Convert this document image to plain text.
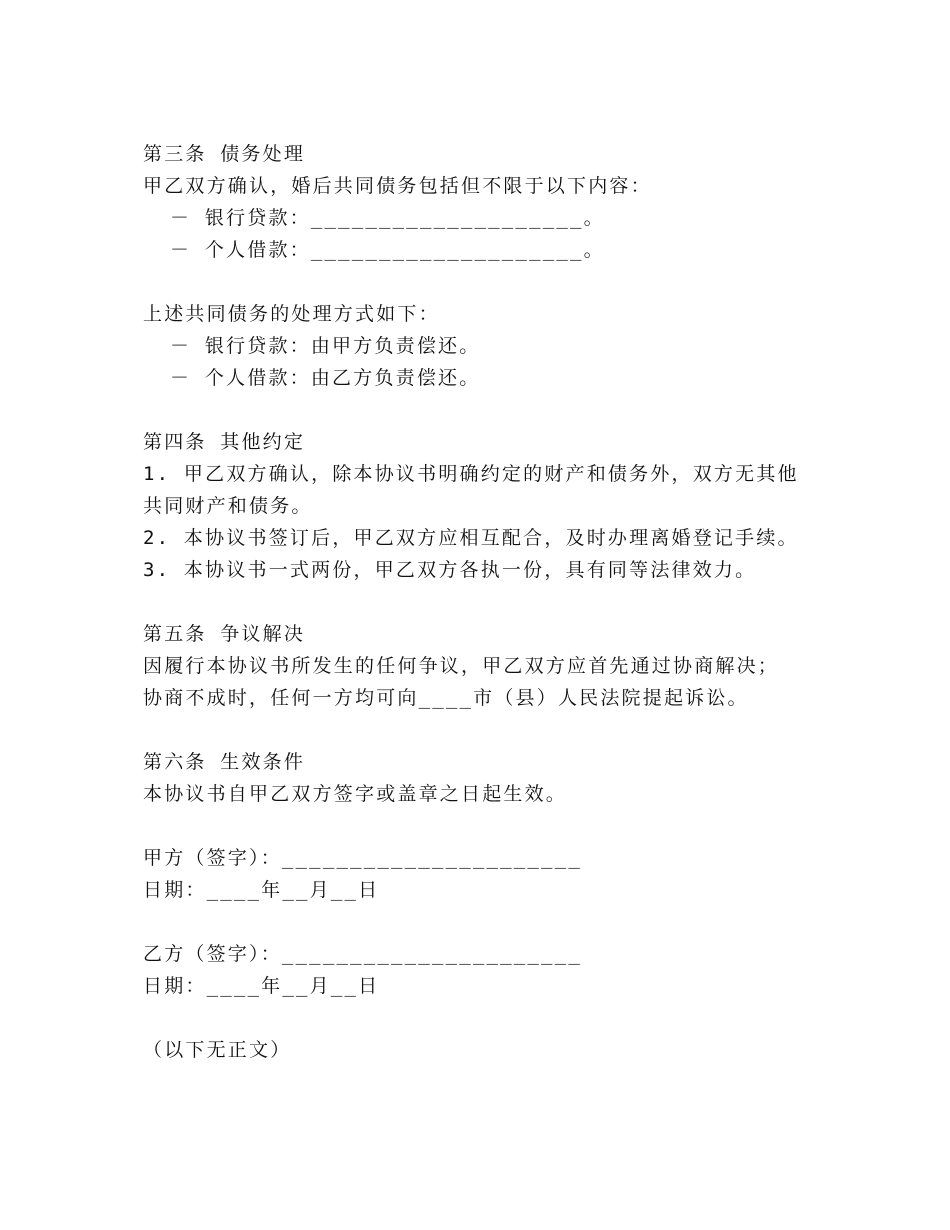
第三条 债务处理
甲乙双方确认，婚后共同债务包括但不限于以下内容：
－ 银行贷款：____________________。
－ 个人借款：____________________。
上述共同债务的处理方式如下：
－ 银行贷款：由甲方负责偿还。
－ 个人借款：由乙方负责偿还。
第四条 其他约定
1. 甲乙双方确认，除本协议书明确约定的财产和债务外，双方无其他
共同财产和债务。
2. 本协议书签订后，甲乙双方应相互配合，及时办理离婚登记手续。
3. 本协议书一式两份，甲乙双方各执一份，具有同等法律效力。
第五条 争议解决
因履行本协议书所发生的任何争议，甲乙双方应首先通过协商解决；
协商不成时，任何一方均可向____市（县）人民法院提起诉讼。
第六条 生效条件
本协议书自甲乙双方签字或盖章之日起生效。
甲方（签字）：______________________
日期：____年__月__日
乙方（签字）：______________________
日期：____年__月__日
（以下无正文）
